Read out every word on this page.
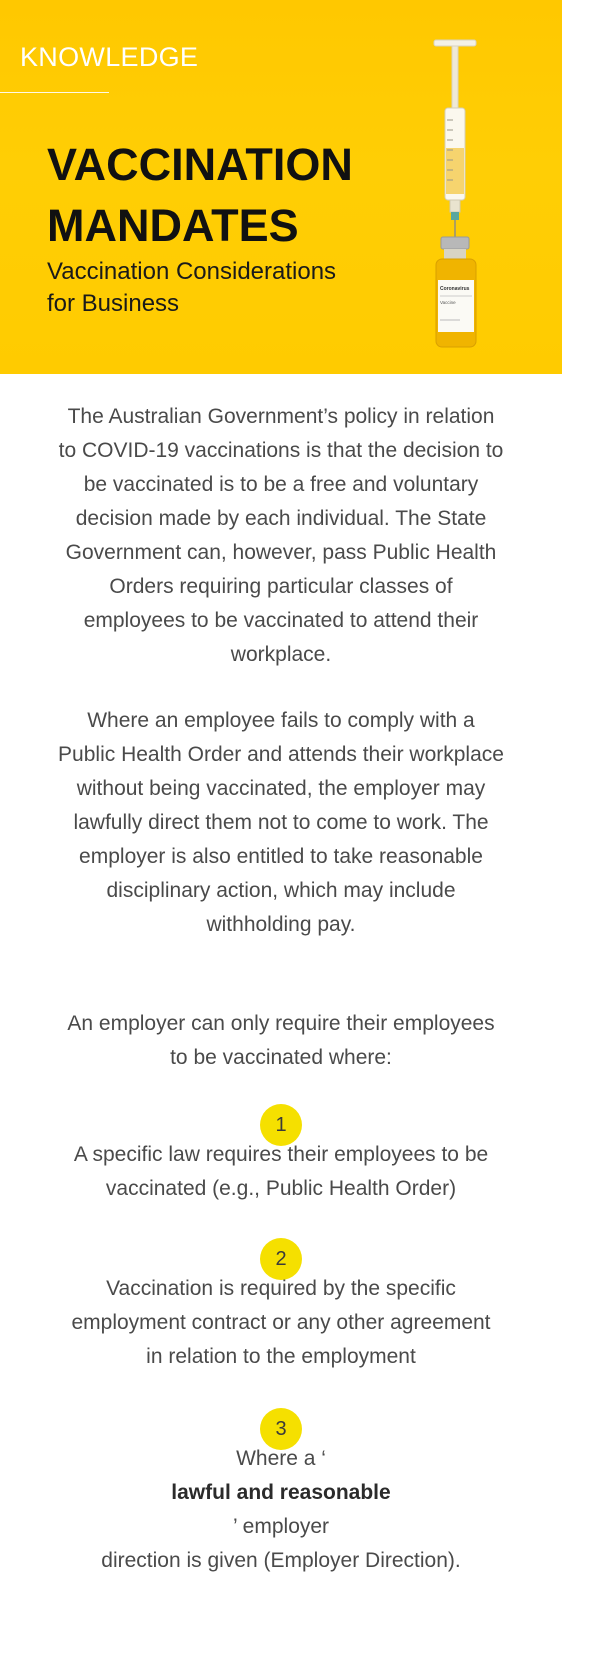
KNOWLEDGE
VACCINATION
MANDATES
Vaccination Considerations
for Business
Coronavirus
Vaccine
The Australian Government’s policy in relation
to COVID-19 vaccinations is that the decision to
be vaccinated is to be a free and voluntary
decision made by each individual. The State
Government can, however, pass Public Health
Orders requiring particular classes of
employees to be vaccinated to attend their
workplace.
Where an employee fails to comply with a
Public Health Order and attends their workplace
without being vaccinated, the employer may
lawfully direct them not to come to work. The
employer is also entitled to take reasonable
disciplinary action, which may include
withholding pay.
An employer can only require their employees
to be vaccinated where:
1
A specific law requires their employees to be
vaccinated (e.g., Public Health Order)
2
Vaccination is required by the specific
employment contract or any other agreement
in relation to the employment
3
Where a ‘
lawful and reasonable
’ employer
direction is given (Employer Direction).
